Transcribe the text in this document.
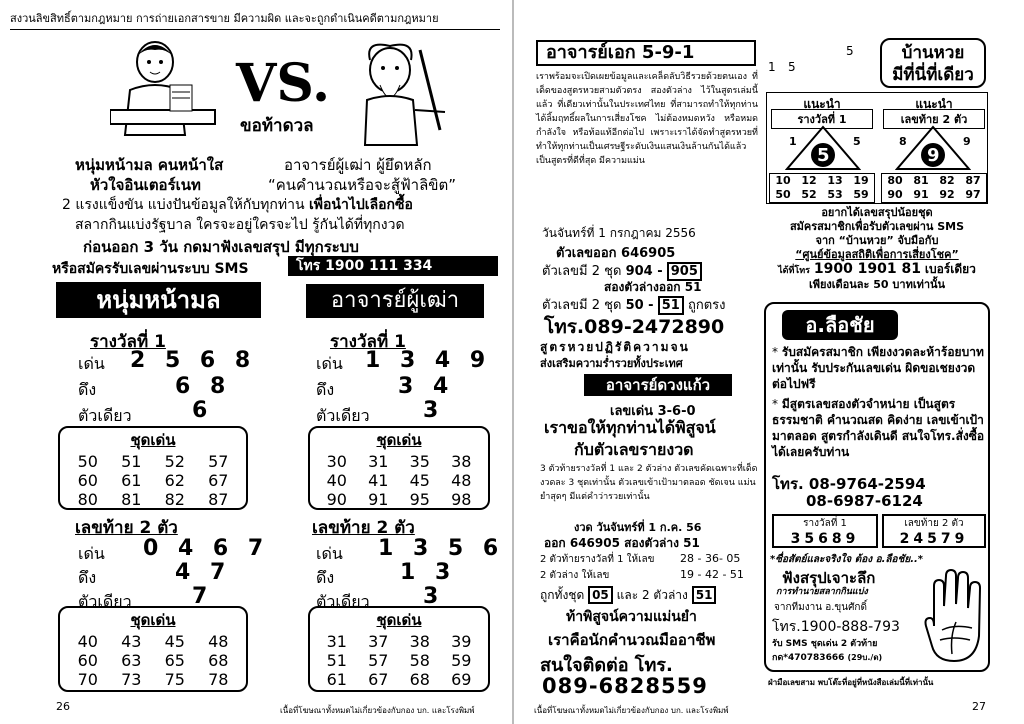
สงวนลิขสิทธิ์ตามกฎหมาย การถ่ายเอกสารขาย มีความผิด และจะถูกดำเนินคดีตามกฎหมาย
VS.
ขอท้าดวล
หนุ่มหน้ามล คนหน้าใส
หัวใจอินเตอร์เนท
อาจารย์ผู้เฒ่า ผู้ยึดหลัก
“คนคำนวณหรือจะสู้ฟ้าลิขิต”
2 แรงแข็งขัน แบ่งปันข้อมูลให้กับทุกท่าน เพื่อนำไปเลือกซื้อ
สลากกินแบ่งรัฐบาล ใครจะอยู่ใครจะไป รู้กันได้ที่ทุกงวด
ก่อนออก 3 วัน กดมาฟังเลขสรุป มีทุกระบบ
หรือสมัครรับเลขผ่านระบบ SMS	โทร 1900 111 334
หนุ่มหน้ามล
รางวัลที่ 1
เด่น 2 5 6 8
ดึง	6 8
ตัวเดียว	6
ชุดเด่น
50	51	52	57
60	61	62	67
80	81	82	87
เลขท้าย 2 ตัว
เด่น 0 4 6 7
ดึง	4 7
ตัวเดียว	7
ชุดเด่น
40	43	45	48
60	63	65	68
70	73	75	78
อาจารย์ผู้เฒ่า
รางวัลที่ 1
เด่น 1 3 4 9
ดึง	3 4
ตัวเดียว 3
ชุดเด่น
30	31	35	38
40	41	45	48
90	91	95	98
เลขท้าย 2 ตัว
เด่น 1 3 5 6
ดึง	1 3
ตัวเดียว 3
ชุดเด่น
31	37	38	39
51	57	58	59
61	67	68	69
26	เนื้อที่โฆษณาทั้งหมดไม่เกี่ยวข้องกับกอง บก. และโรงพิมพ์
อาจารย์เอก 5-9-1
เราพร้อมจะเปิดเผยข้อมูลและเคล็ดลับวิธีรวยด้วยตนเอง ที่เด็ดของสูตรหวยสามตัวตรง สองตัวล่าง ไว้ในสูตรเล่มนี้แล้ว ที่เดียวเท่านั้นในประเทศไทย ที่สามารถทำให้ทุกท่านได้ลิ้มฤทธิ์ผลในการเสี่ยงโชค ไม่ต้องหมดหวัง หรือหมดกำลังใจ หรือท้อแท้อีกต่อไป เพราะเราได้จัดทำสูตรหวยที่ทำให้ทุกท่านเป็นเศรษฐีระดับเงินแสนเงินล้านกันได้แล้ว เป็นสูตรที่ดีที่สุด มีความแม่น
วันจันทร์ที่ 1 กรกฎาคม 2556
ตัวเลขออก 646905
ตัวเลขมี 2 ชุด 904 - 905
สองตัวล่างออก 51
ตัวเลขมี 2 ชุด 50 - 51 ถูกตรง
โทร.089-2472890
สูตรหวยปฏิรัติความจน
ส่งเสริมความร่ำรวยทั้งประเทศ
อาจารย์ดวงแก้ว
เลขเด่น 3-6-0
เราขอให้ทุกท่านได้พิสูจน์
กับตัวเลขรายงวด
3 ตัวท้ายรางวัลที่ 1 และ 2 ตัวล่าง ตัวเลขคัดเฉพาะที่เด็ด งวดละ 3 ชุดเท่านั้น ตัวเลขเข้าเป้ามาตลอด ชัดเจน แม่นยำสุดๆ มีแต่คำว่ารวยเท่านั้น
งวด วันจันทร์ที่ 1 ก.ค. 56
ออก 646905 สองตัวล่าง 51
2 ตัวท้ายรางวัลที่ 1 ให้เลข 28 - 36- 05
2 ตัวล่าง ให้เลข	19 - 42 - 51
ถูกทั้งชุด 05 และ 2 ตัวล่าง 51
ท้าพิสูจน์ความแม่นยำ
เราคือนักคำนวณมืออาชีพ
สนใจติดต่อ โทร.
089-6828559
1 5
5	บ้านหวย
มีที่นี่ที่เดียว
แนะนำ	แนะนำ
รางวัลที่ 1	เลขท้าย 2 ตัว
1	5
5
8	9
9
10 12 13 19
50 52 53 59
80 81 82 87
90 91 92 97
อยากได้เลขสรุปน้อยชุด
สมัครสมาชิกเพื่อรับตัวเลขผ่าน SMS
จาก “บ้านหวย” จับมือกับ
“ศูนย์ข้อมูลสถิติเพื่อการเสี่ยงโชค”
ได้ที่โทร 1900 1901 81 เบอร์เดียว
เพียงเดือนละ 50 บาทเท่านั้น
อ.ลือชัย
* รับสมัครสมาชิก เพียงงวดละห้าร้อยบาทเท่านั้น รับประกันเลขเด่น ผิดขอเชยงวดต่อไปฟรี
* มีสูตรเลขสองตัวจำหน่าย เป็นสูตรธรรมชาติ คำนวณสด คิดง่าย เลขเข้าเป้ามาตลอด สูตรกำลังเดินดี สนใจโทร.สั่งซื้อได้เลยครับท่าน
โทร. 08-9764-2594
08-6987-6124
รางวัลที่ 1
35689
เลขท้าย 2 ตัว
24579
*ซื่อสัตย์และจริงใจ ต้อง อ.ลือชัย..*
ฟังสรุปเจาะลึก
การทำนายสลากกินแบ่ง
จากทีมงาน อ.ขุนศักดิ์
โทร.1900-888-793
รับ SMS ชุดเด่น 2 ตัวท้าย
กด*470783666 (29บ./ด)
ฝ่ามือเลขสาม พบโต๊ะที่อยู่ที่หนังสือเล่มนี้ที่เท่านั้น
เนื้อที่โฆษณาทั้งหมดไม่เกี่ยวข้องกับกอง บก. และโรงพิมพ์	27
